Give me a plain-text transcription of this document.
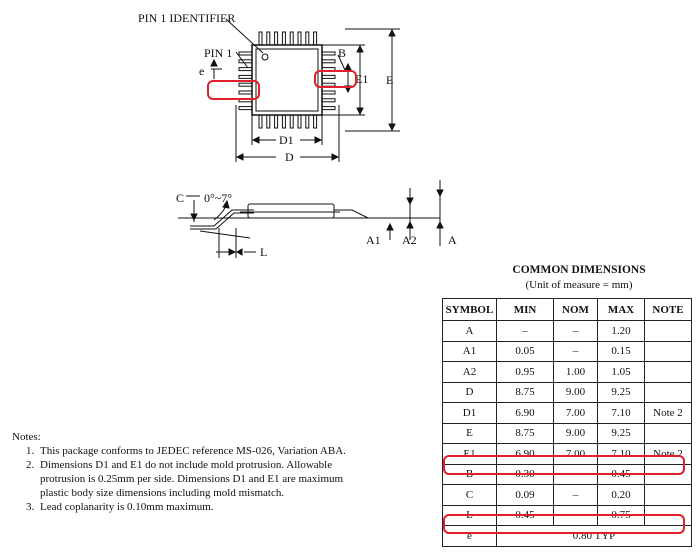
PIN 1 IDENTIFIER
PIN 1
e
B
E1 E
D1
D
C 0°~7°
L
A1 A2	A
COMMON DIMENSIONS
(Unit of measure = mm)
SYMBOL	MIN	NOM	MAX	NOTE
A	–	–	1.20	
A1	0.05	–	0.15	
A2	0.95	1.00	1.05	
D	8.75	9.00	9.25	
D1	6.90	7.00	7.10	Note 2
E	8.75	9.00	9.25	
E1	6.90	7.00	7.10	Note 2
B	0.30	–	0.45	
C	0.09	–	0.20	
L	0.45	–	0.75	
e	0.80 TYP			
Notes:
1. This package conforms to JEDEC reference MS-026, Variation ABA.
2. Dimensions D1 and E1 do not include mold protrusion. Allowable protrusion is 0.25mm per side. Dimensions D1 and E1 are maximum plastic body size dimensions including mold mismatch.
3. Lead coplanarity is 0.10mm maximum.
